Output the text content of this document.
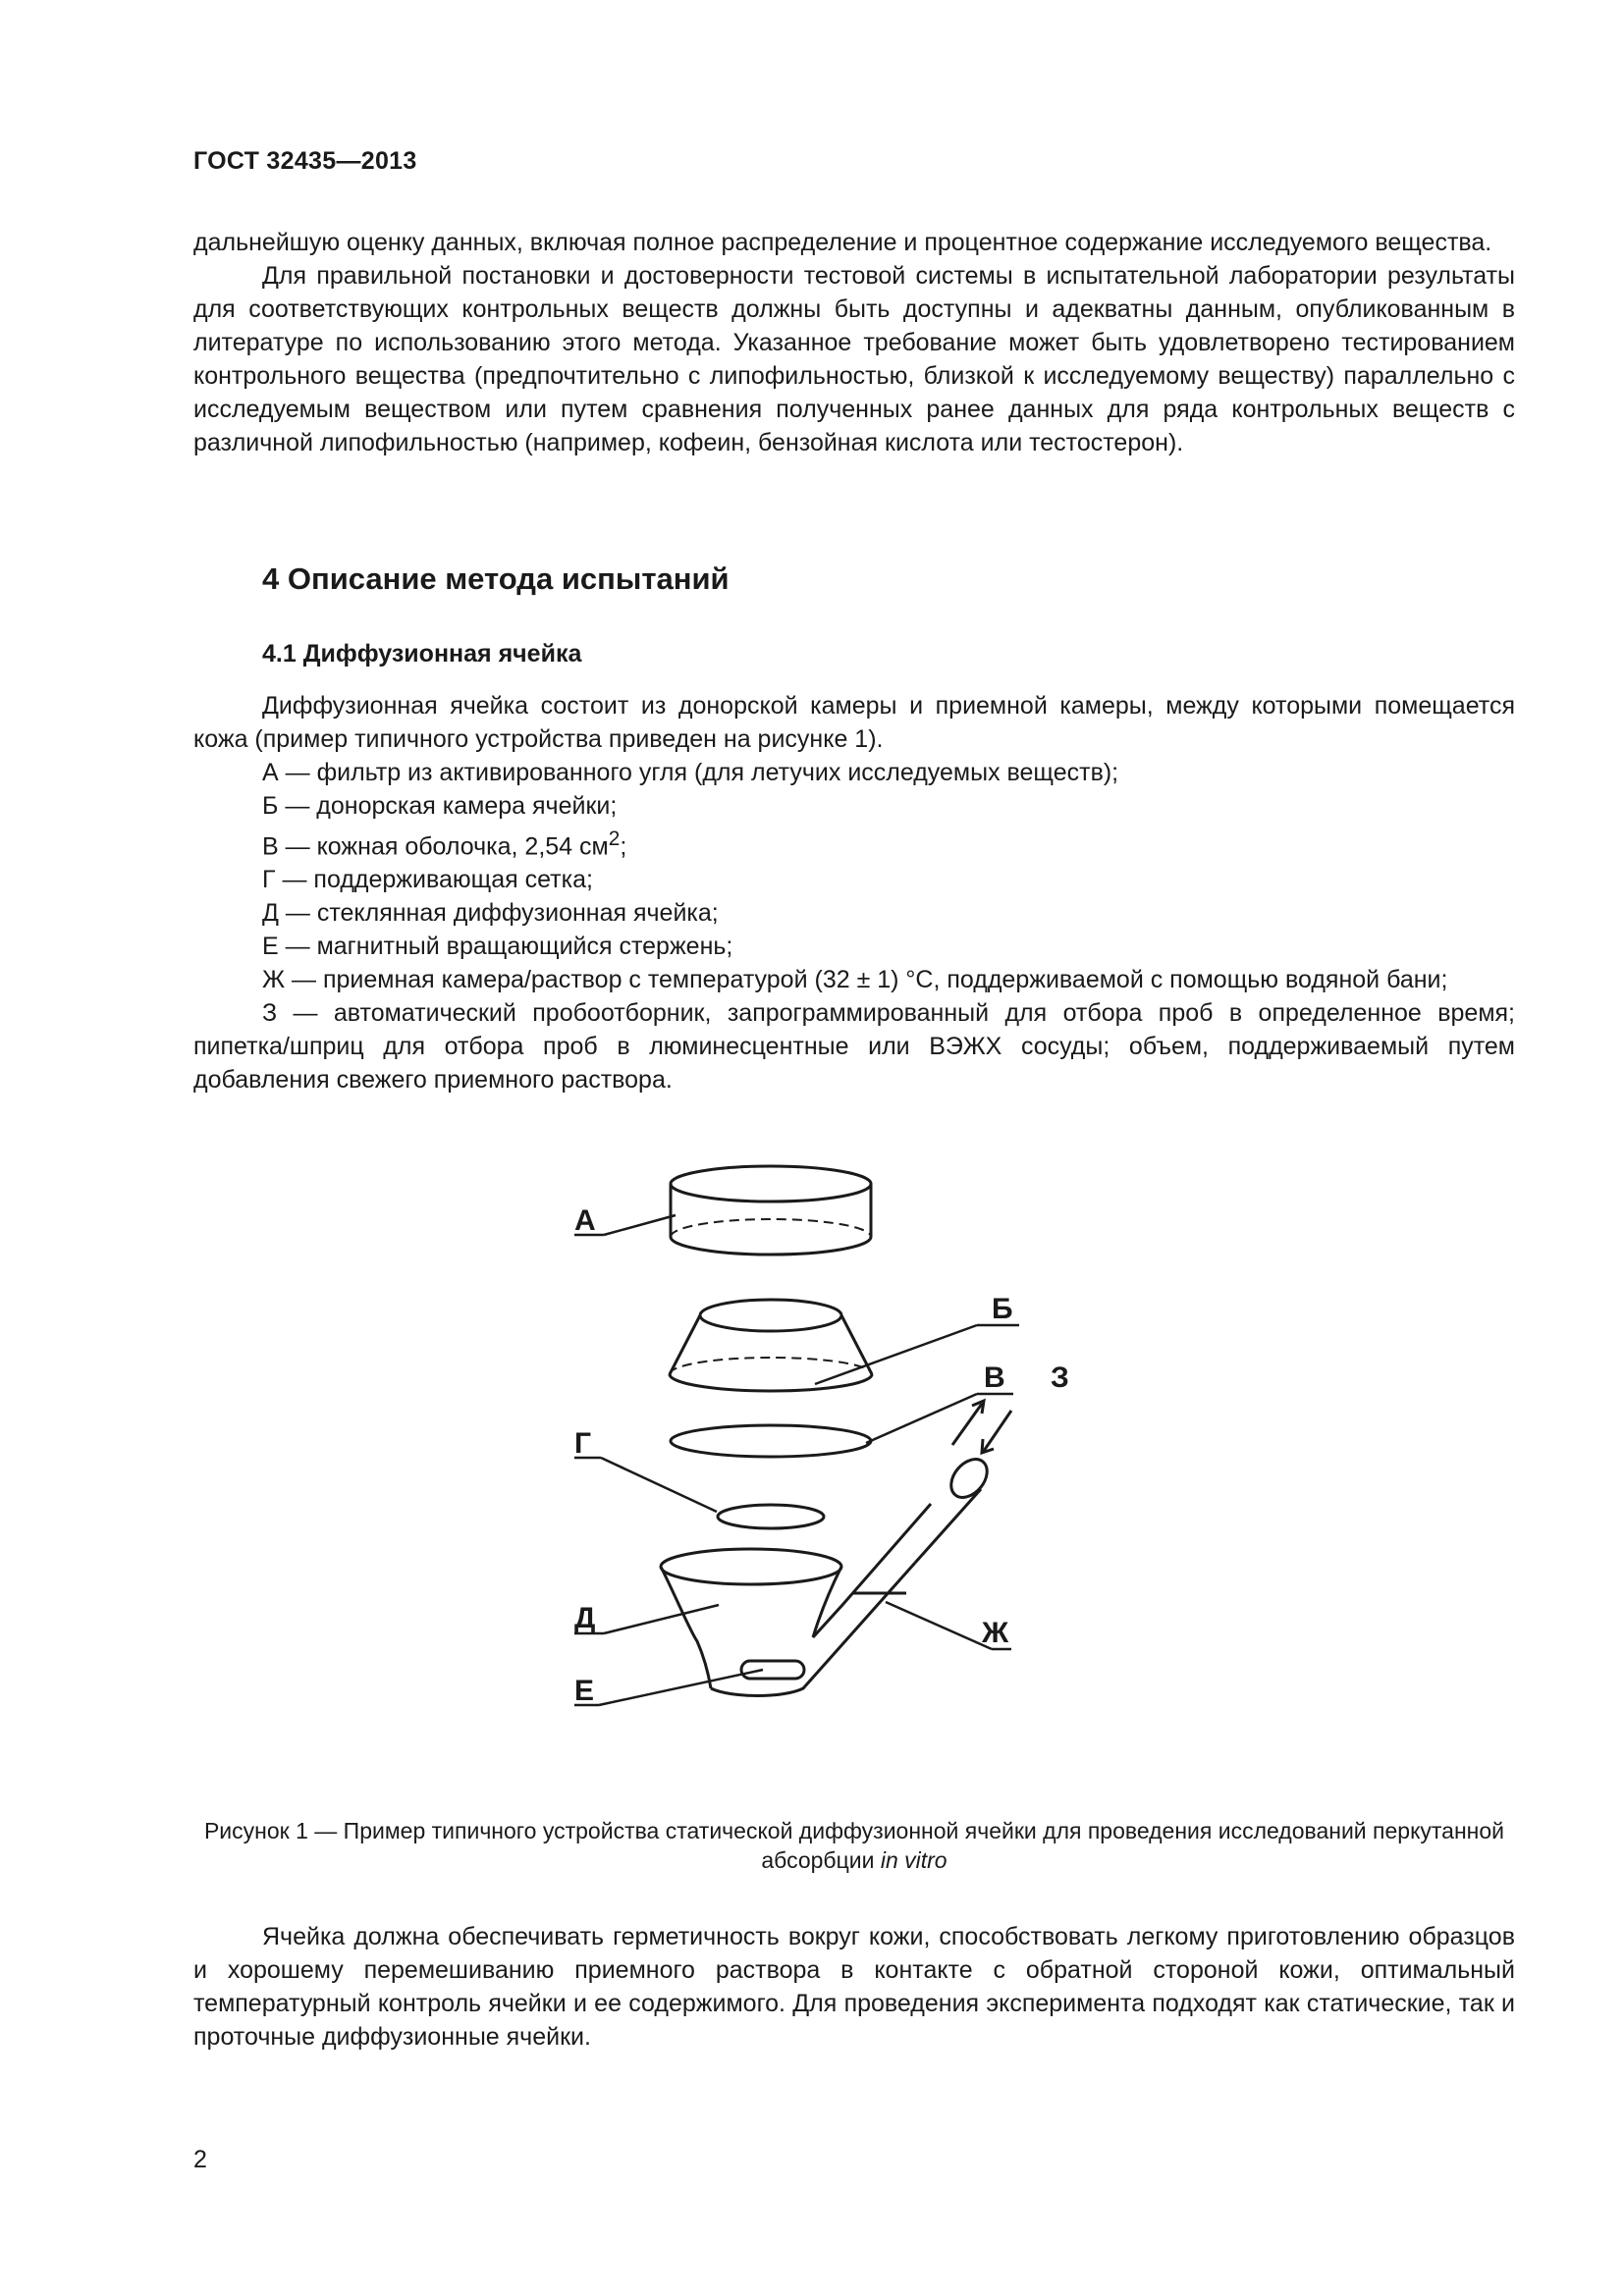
ГОСТ 32435—2013

дальнейшую оценку данных, включая полное распределение и процентное содержание исследуемого вещества.

Для правильной постановки и достоверности тестовой системы в испытательной лаборатории результаты для соответствующих контрольных веществ должны быть доступны и адекватны данным, опубликованным в литературе по использованию этого метода. Указанное требование может быть удовлетворено тестированием контрольного вещества (предпочтительно с липофильностью, близкой к исследуемому веществу) параллельно с исследуемым веществом или путем сравнения полученных ранее данных для ряда контрольных веществ с различной липофильностью (например, кофеин, бензойная кислота или тестостерон).

4 Описание метода испытаний
4.1 Диффузионная ячейка

Диффузионная ячейка состоит из донорской камеры и приемной камеры, между которыми помещается кожа (пример типичного устройства приведен на рисунке 1).

А — фильтр из активированного угля (для летучих исследуемых веществ);

Б — донорская камера ячейки;

В — кожная оболочка, 2,54 $см^2$;

Г — поддерживающая сетка;

Д — стеклянная диффузионная ячейка;

Е — магнитный вращающийся стержень;

Ж — приемная камера/раствор с температурой (32 ± 1) °С, поддерживаемой с помощью водяной бани;

З — автоматический пробоотборник, запрограммированный для отбора проб в определенное время; пипетка/шприц для отбора проб в люминесцентные или ВЭЖХ сосуды; объем, поддерживаемый путем добавления свежего приемного раствора.

А
Б
В З
Г
Д
Е
Ж
Рисунок 1 — Пример типичного устройства статической диффузионной ячейки для проведения исследований перкутанной абсорбции in vitro

Ячейка должна обеспечивать герметичность вокруг кожи, способствовать легкому приготовлению образцов и хорошему перемешиванию приемного раствора в контакте с обратной стороной кожи, оптимальный температурный контроль ячейки и ее содержимого. Для проведения эксперимента подходят как статические, так и проточные диффузионные ячейки.

2
